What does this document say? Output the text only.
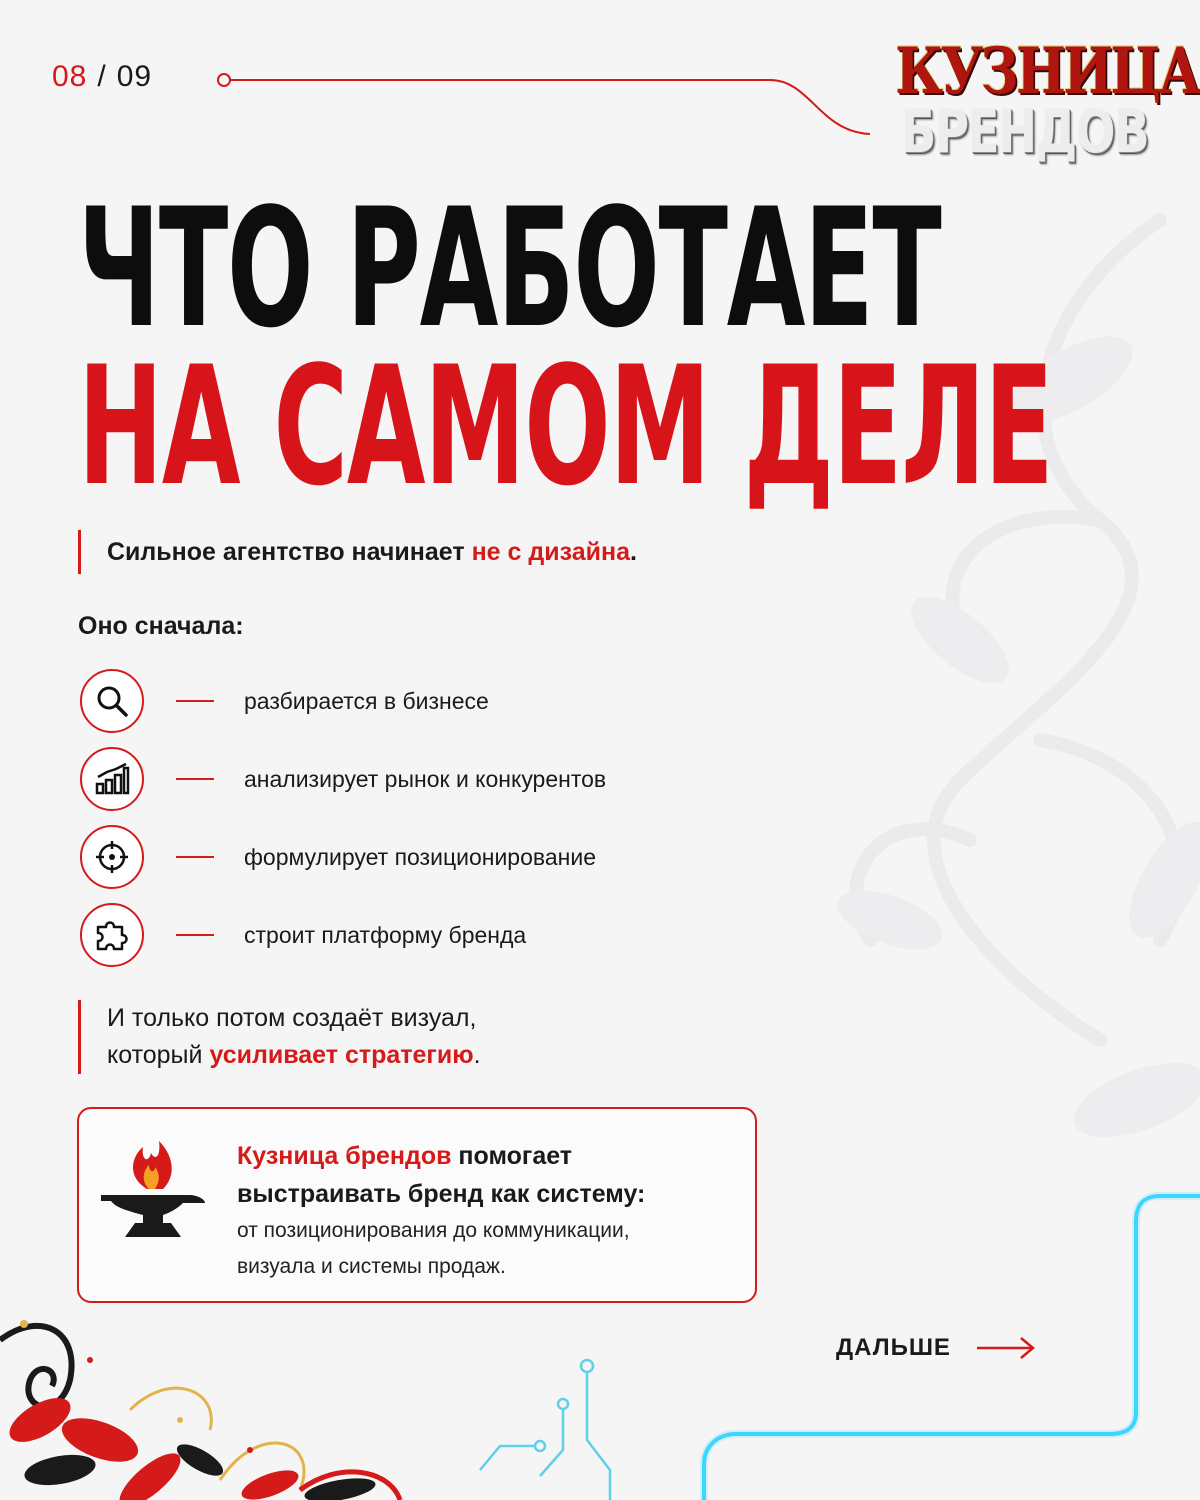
08 / 09	КУЗНИЦА
БРЕНДОВ
ЧТО РАБОТАЕТ
НА САМОМ ДЕЛЕ
Сильное агентство начинает не с дизайна.
Оно сначала:
разбирается в бизнесе
анализирует рынок и конкурентов
формулирует позиционирование
строит платформу бренда
И только потом создаёт визуал,
который усиливает стратегию.
Кузница брендов помогает
выстраивать бренд как систему:
от позиционирования до коммуникации,
визуала и системы продаж.
ДАЛЬШЕ
